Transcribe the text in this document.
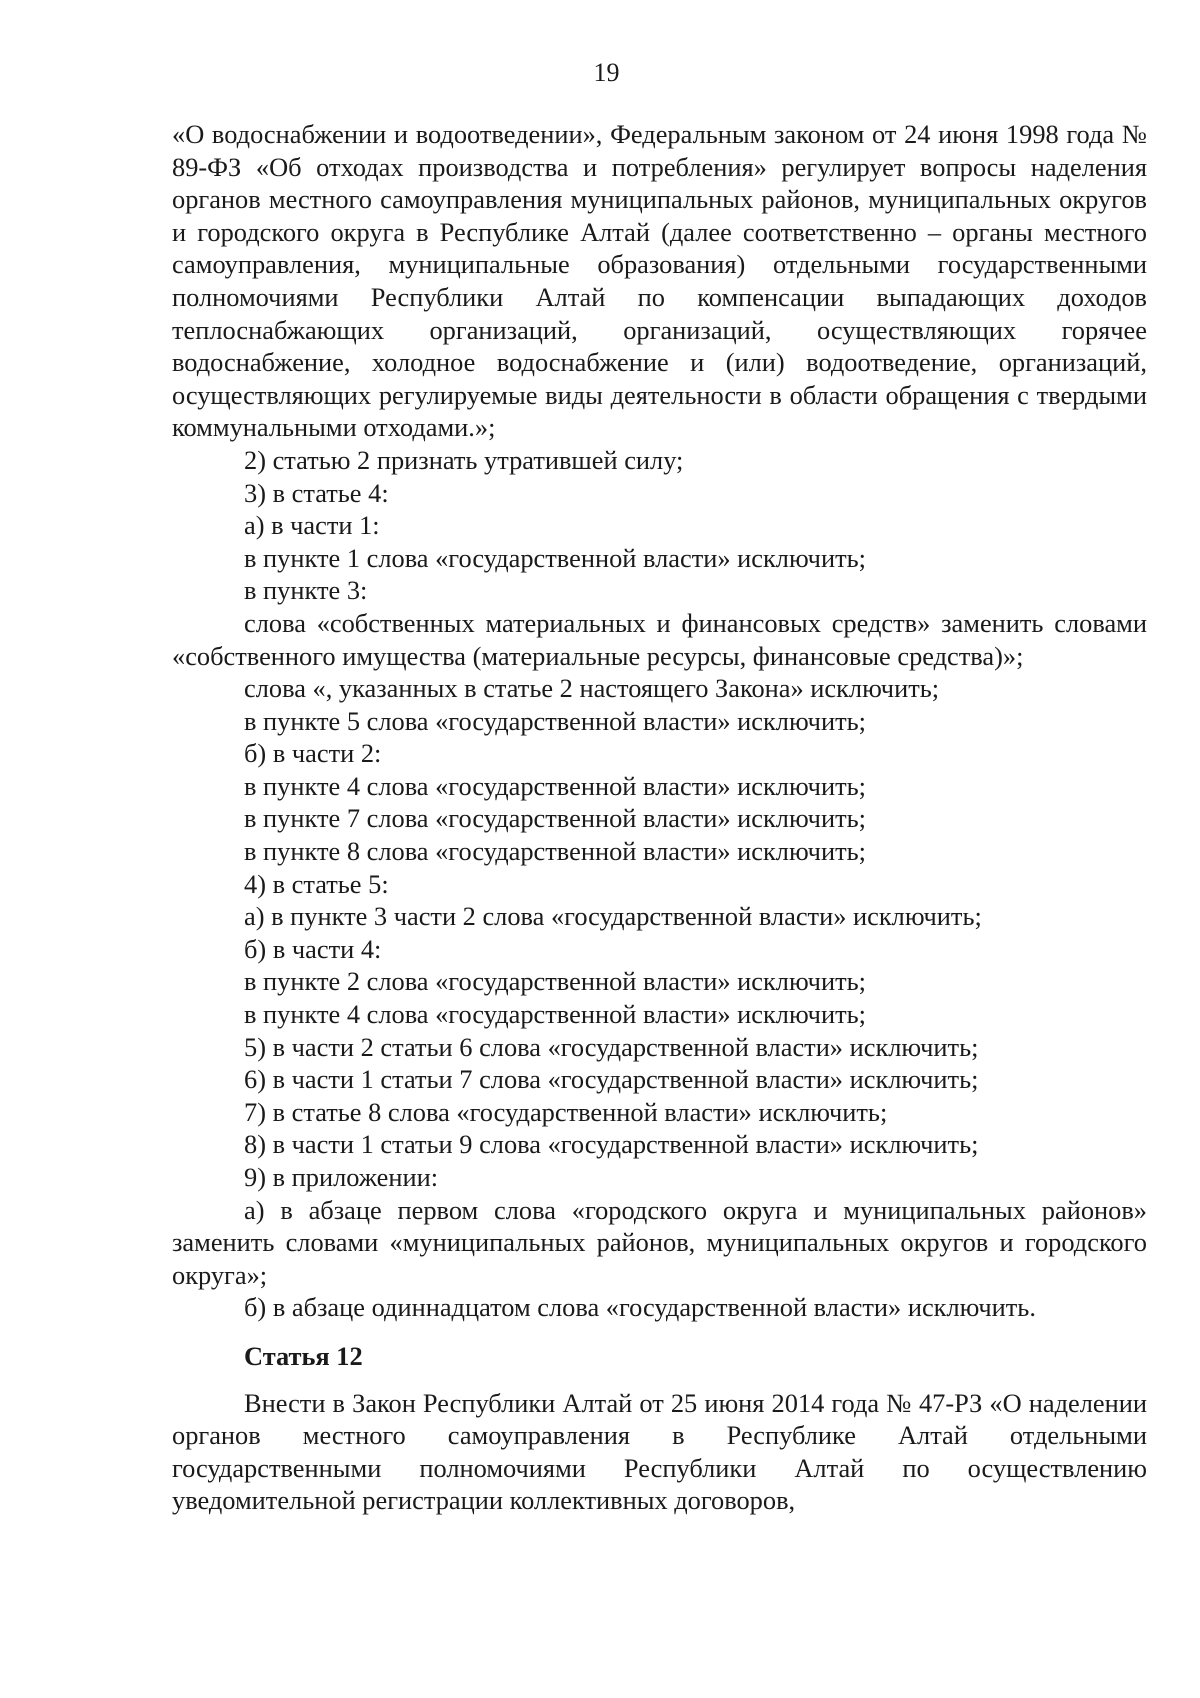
19

«О водоснабжении и водоотведении», Федеральным законом от 24 июня 1998 года № 89-ФЗ «Об отходах производства и потребления» регулирует вопросы наделения органов местного самоуправления муниципальных районов, муниципальных округов и городского округа в Республике Алтай (далее соответственно – органы местного самоуправления, муниципальные образования) отдельными государственными полномочиями Республики Алтай по компенсации выпадающих доходов теплоснабжающих организаций, организаций, осуществляющих горячее водоснабжение, холодное водоснабжение и (или) водоотведение, организаций, осуществляющих регулируемые виды деятельности в области обращения с твердыми коммунальными отходами.»;

2) статью 2 признать утратившей силу;

3) в статье 4:

а) в части 1:

в пункте 1 слова «государственной власти» исключить;

в пункте 3:

слова «собственных материальных и финансовых средств» заменить словами «собственного имущества (материальные ресурсы, финансовые средства)»;

слова «, указанных в статье 2 настоящего Закона» исключить;

в пункте 5 слова «государственной власти» исключить;

б) в части 2:

в пункте 4 слова «государственной власти» исключить;

в пункте 7 слова «государственной власти» исключить;

в пункте 8 слова «государственной власти» исключить;

4) в статье 5:

а) в пункте 3 части 2 слова «государственной власти» исключить;

б) в части 4:

в пункте 2 слова «государственной власти» исключить;

в пункте 4 слова «государственной власти» исключить;

5) в части 2 статьи 6 слова «государственной власти» исключить;

6) в части 1 статьи 7 слова «государственной власти» исключить;

7) в статье 8 слова «государственной власти» исключить;

8) в части 1 статьи 9 слова «государственной власти» исключить;

9) в приложении:

а) в абзаце первом слова «городского округа и муниципальных районов» заменить словами «муниципальных районов, муниципальных округов и городского округа»;

б) в абзаце одиннадцатом слова «государственной власти» исключить.

Статья 12

Внести в Закон Республики Алтай от 25 июня 2014 года № 47-РЗ «О наделении органов местного самоуправления в Республике Алтай отдельными государственными полномочиями Республики Алтай по осуществлению уведомительной регистрации коллективных договоров,
